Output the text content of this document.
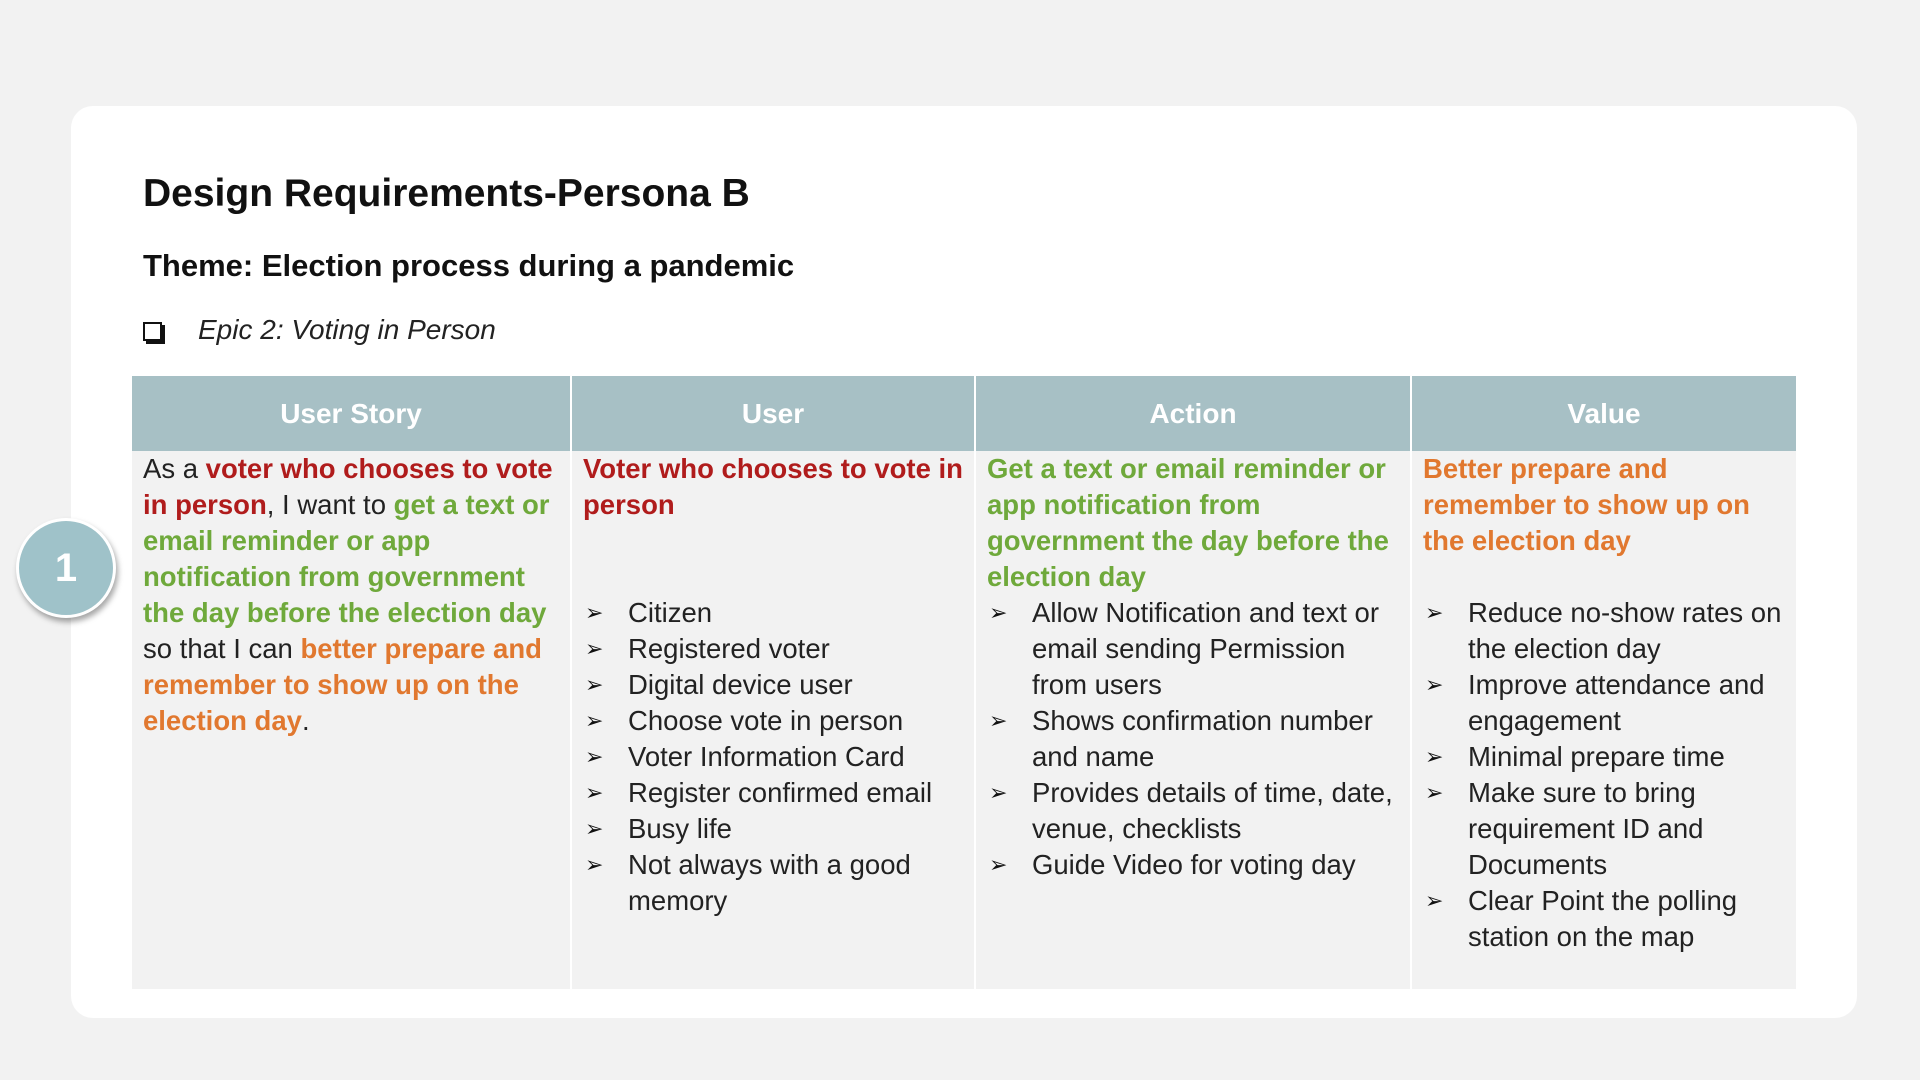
Design Requirements-Persona B
Theme: Election process during a pandemic
Epic 2: Voting in Person
User Story
As a voter who chooses to vote in person, I want to get a text or email reminder or app notification from government the day before the election day so that I can better prepare and remember to show up on the election day.
User
Voter who chooses to vote in person
➢ Citizen
➢ Registered voter
➢ Digital device user
➢ Choose vote in person
➢ Voter Information Card
➢ Register confirmed email
➢ Busy life
➢ Not always with a good memory
Action
Get a text or email reminder or app notification from government the day before the election day
➢ Allow Notification and text or email sending Permission from users
➢ Shows confirmation number and name
➢ Provides details of time, date, venue, checklists
➢ Guide Video for voting day
Value
Better prepare and remember to show up on the election day
➢ Reduce no-show rates on the election day
➢ Improve attendance and engagement
➢ Minimal prepare time
➢ Make sure to bring requirement ID and Documents
➢ Clear Point the polling station on the map
1
